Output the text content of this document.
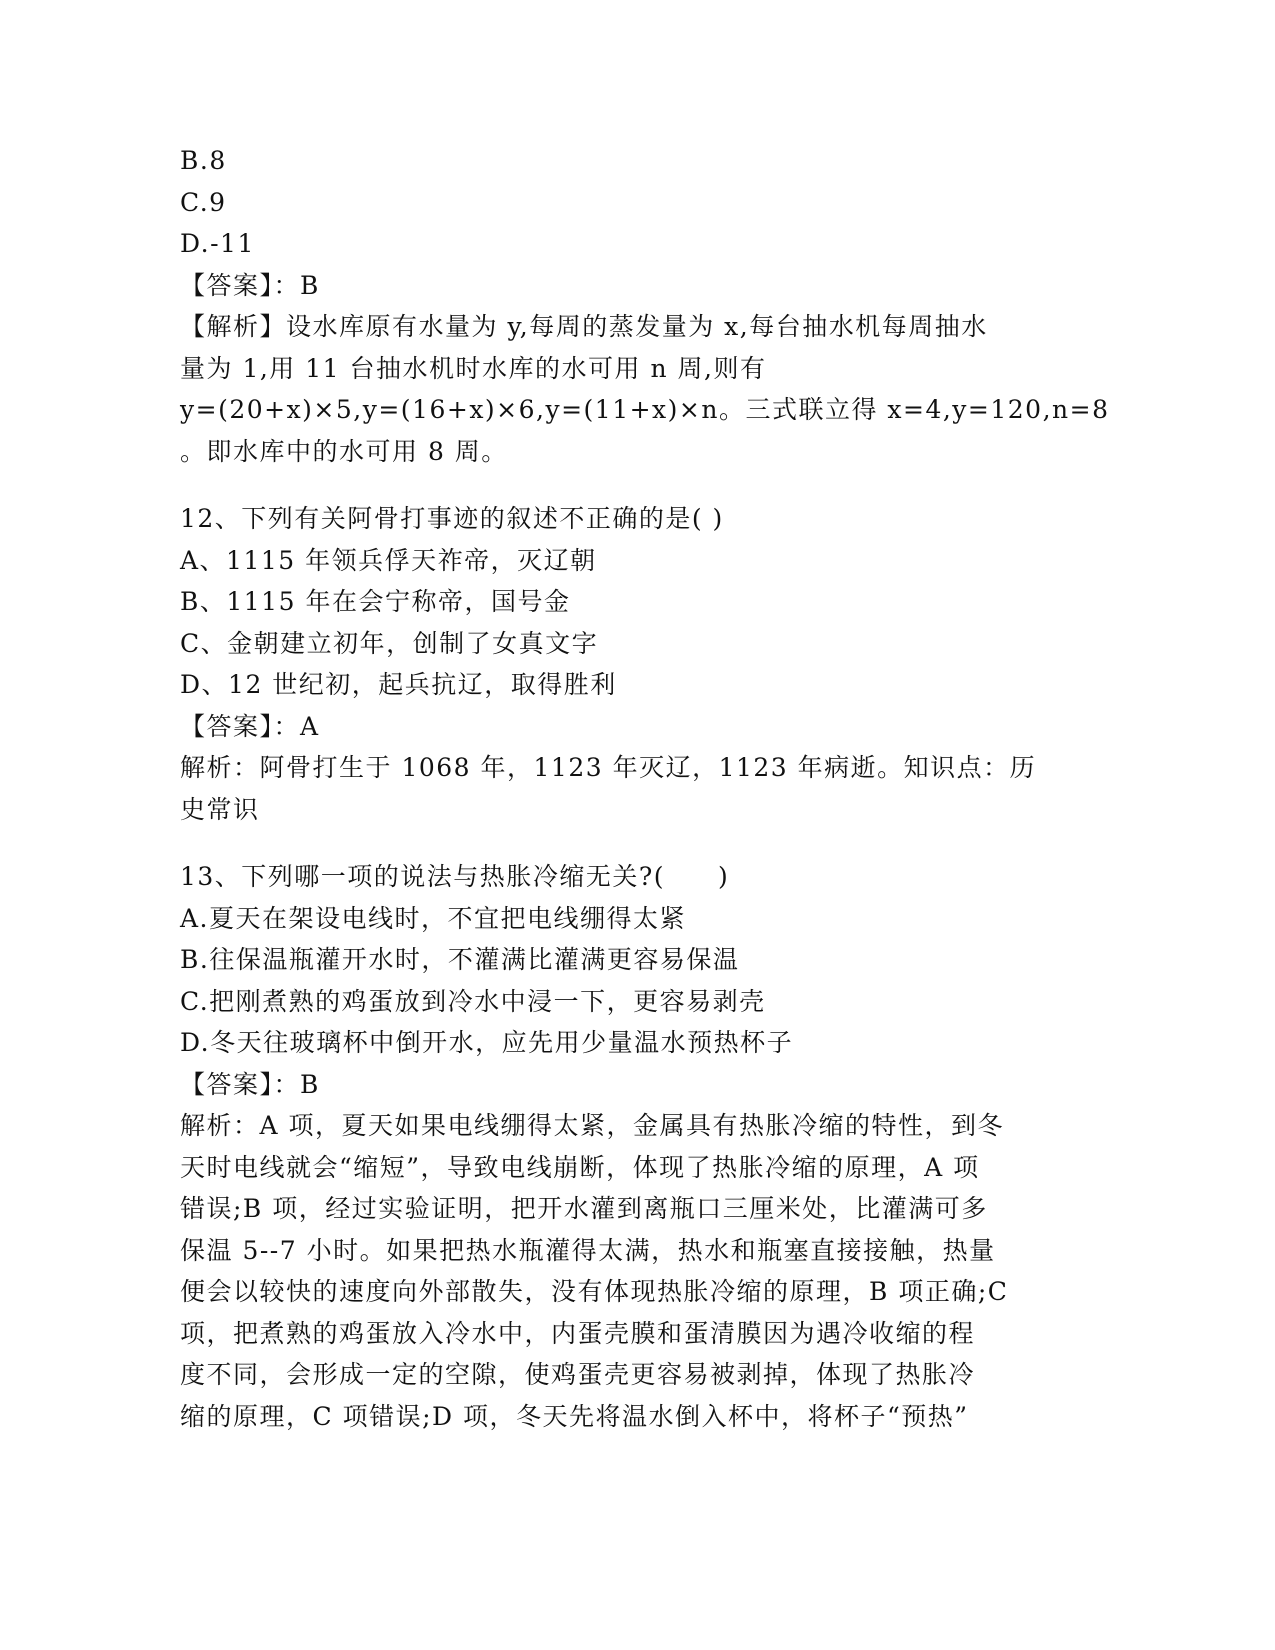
B.8
C.9
D.-11
【答案】：B
【解析】设水库原有水量为 y,每周的蒸发量为 x,每台抽水机每周抽水
量为 1,用 11 台抽水机时水库的水可用 n 周,则有
y=(20+x)×5,y=(16+x)×6,y=(11+x)×n。三式联立得 x=4,y=120,n=8
。即水库中的水可用 8 周。
12、下列有关阿骨打事迹的叙述不正确的是( )
A、1115 年领兵俘天祚帝，灭辽朝
B、1115 年在会宁称帝，国号金
C、金朝建立初年，创制了女真文字
D、12 世纪初，起兵抗辽，取得胜利
【答案】：A
解析：阿骨打生于 1068 年，1123 年灭辽，1123 年病逝。知识点：历
史常识
13、下列哪一项的说法与热胀冷缩无关?(　　)
A.夏天在架设电线时，不宜把电线绷得太紧
B.往保温瓶灌开水时，不灌满比灌满更容易保温
C.把刚煮熟的鸡蛋放到冷水中浸一下，更容易剥壳
D.冬天往玻璃杯中倒开水，应先用少量温水预热杯子
【答案】：B
解析：A 项，夏天如果电线绷得太紧，金属具有热胀冷缩的特性，到冬
天时电线就会“缩短”，导致电线崩断，体现了热胀冷缩的原理，A 项
错误;B 项，经过实验证明，把开水灌到离瓶口三厘米处，比灌满可多
保温 5--7 小时。如果把热水瓶灌得太满，热水和瓶塞直接接触，热量
便会以较快的速度向外部散失，没有体现热胀冷缩的原理，B 项正确;C
项，把煮熟的鸡蛋放入冷水中，内蛋壳膜和蛋清膜因为遇冷收缩的程
度不同，会形成一定的空隙，使鸡蛋壳更容易被剥掉，体现了热胀冷
缩的原理，C 项错误;D 项，冬天先将温水倒入杯中，将杯子“预热”
